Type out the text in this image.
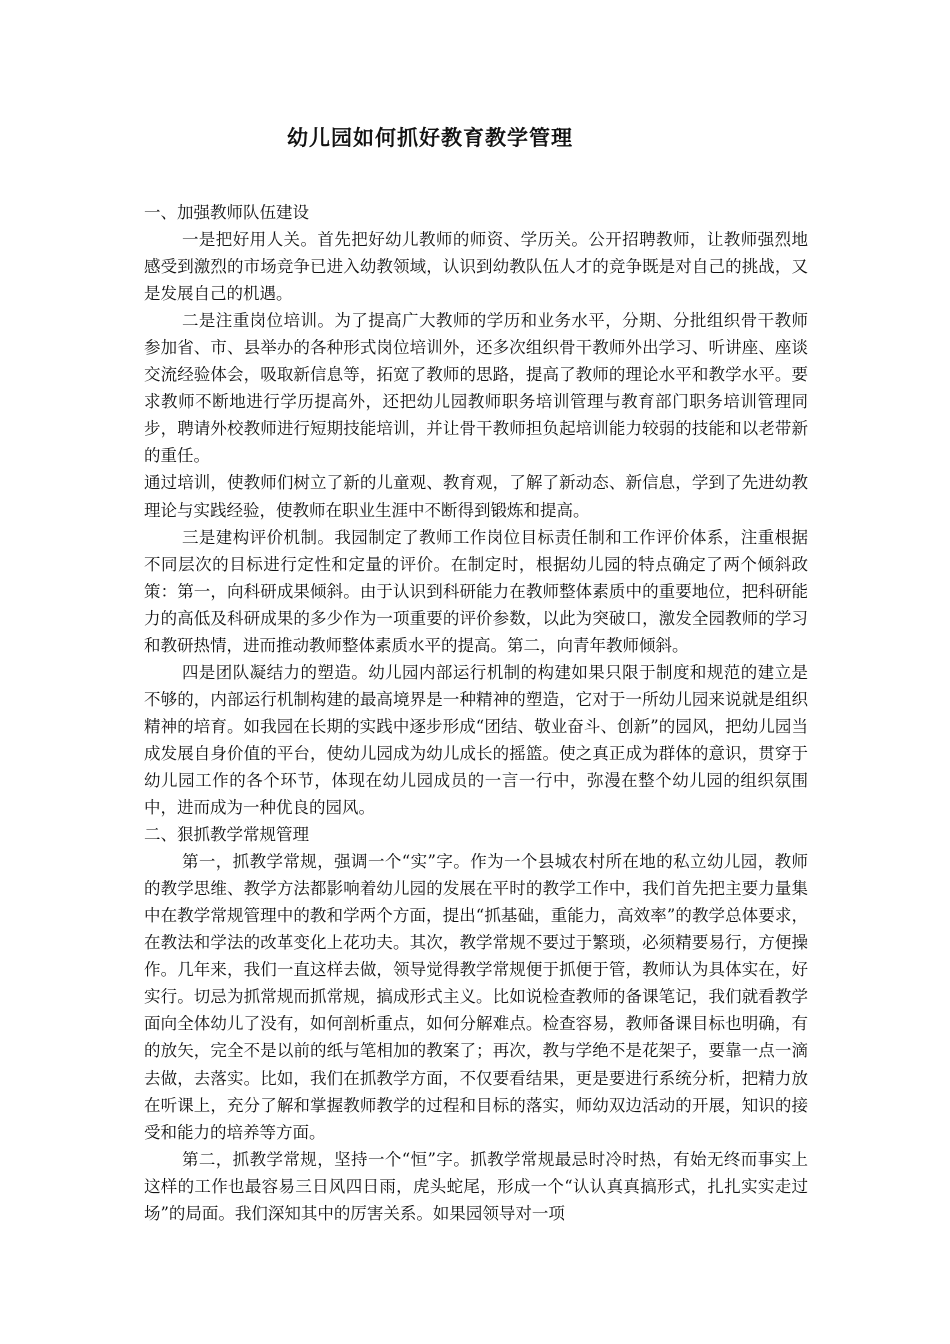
幼儿园如何抓好教育教学管理

一、加强教师队伍建设

一是把好用人关。首先把好幼儿教师的师资、学历关。公开招聘教师，让教师强烈地感受到激烈的市场竞争已进入幼教领域，认识到幼教队伍人才的竞争既是对自己的挑战，又是发展自己的机遇。

二是注重岗位培训。为了提高广大教师的学历和业务水平，分期、分批组织骨干教师参加省、市、县举办的各种形式岗位培训外，还多次组织骨干教师外出学习、听讲座、座谈交流经验体会，吸取新信息等，拓宽了教师的思路，提高了教师的理论水平和教学水平。要求教师不断地进行学历提高外，还把幼儿园教师职务培训管理与教育部门职务培训管理同步，聘请外校教师进行短期技能培训，并让骨干教师担负起培训能力较弱的技能和以老带新的重任。

通过培训，使教师们树立了新的儿童观、教育观，了解了新动态、新信息，学到了先进幼教理论与实践经验，使教师在职业生涯中不断得到锻炼和提高。

三是建构评价机制。我园制定了教师工作岗位目标责任制和工作评价体系，注重根据不同层次的目标进行定性和定量的评价。在制定时，根据幼儿园的特点确定了两个倾斜政策：第一，向科研成果倾斜。由于认识到科研能力在教师整体素质中的重要地位，把科研能力的高低及科研成果的多少作为一项重要的评价参数，以此为突破口，激发全园教师的学习和教研热情，进而推动教师整体素质水平的提高。第二，向青年教师倾斜。

四是团队凝结力的塑造。幼儿园内部运行机制的构建如果只限于制度和规范的建立是不够的，内部运行机制构建的最高境界是一种精神的塑造，它对于一所幼儿园来说就是组织精神的培育。如我园在长期的实践中逐步形成“团结、敬业奋斗、创新”的园风，把幼儿园当成发展自身价值的平台，使幼儿园成为幼儿成长的摇篮。使之真正成为群体的意识，贯穿于幼儿园工作的各个环节，体现在幼儿园成员的一言一行中，弥漫在整个幼儿园的组织氛围中，进而成为一种优良的园风。

二、狠抓教学常规管理

第一，抓教学常规，强调一个“实”字。作为一个县城农村所在地的私立幼儿园，教师的教学思维、教学方法都影响着幼儿园的发展在平时的教学工作中，我们首先把主要力量集中在教学常规管理中的教和学两个方面，提出“抓基础，重能力，高效率”的教学总体要求，在教法和学法的改革变化上花功夫。其次，教学常规不要过于繁琐，必须精要易行，方便操作。几年来，我们一直这样去做，领导觉得教学常规便于抓便于管，教师认为具体实在，好实行。切忌为抓常规而抓常规，搞成形式主义。比如说检查教师的备课笔记，我们就看教学面向全体幼儿了没有，如何剖析重点，如何分解难点。检查容易，教师备课目标也明确，有的放矢，完全不是以前的纸与笔相加的教案了；再次，教与学绝不是花架子，要靠一点一滴去做，去落实。比如，我们在抓教学方面，不仅要看结果，更是要进行系统分析，把精力放在听课上，充分了解和掌握教师教学的过程和目标的落实，师幼双边活动的开展，知识的接受和能力的培养等方面。

第二，抓教学常规，坚持一个“恒”字。抓教学常规最忌时冷时热，有始无终而事实上这样的工作也最容易三日风四日雨，虎头蛇尾，形成一个“认认真真搞形式，扎扎实实走过场”的局面。我们深知其中的厉害关系。如果园领导对一项
